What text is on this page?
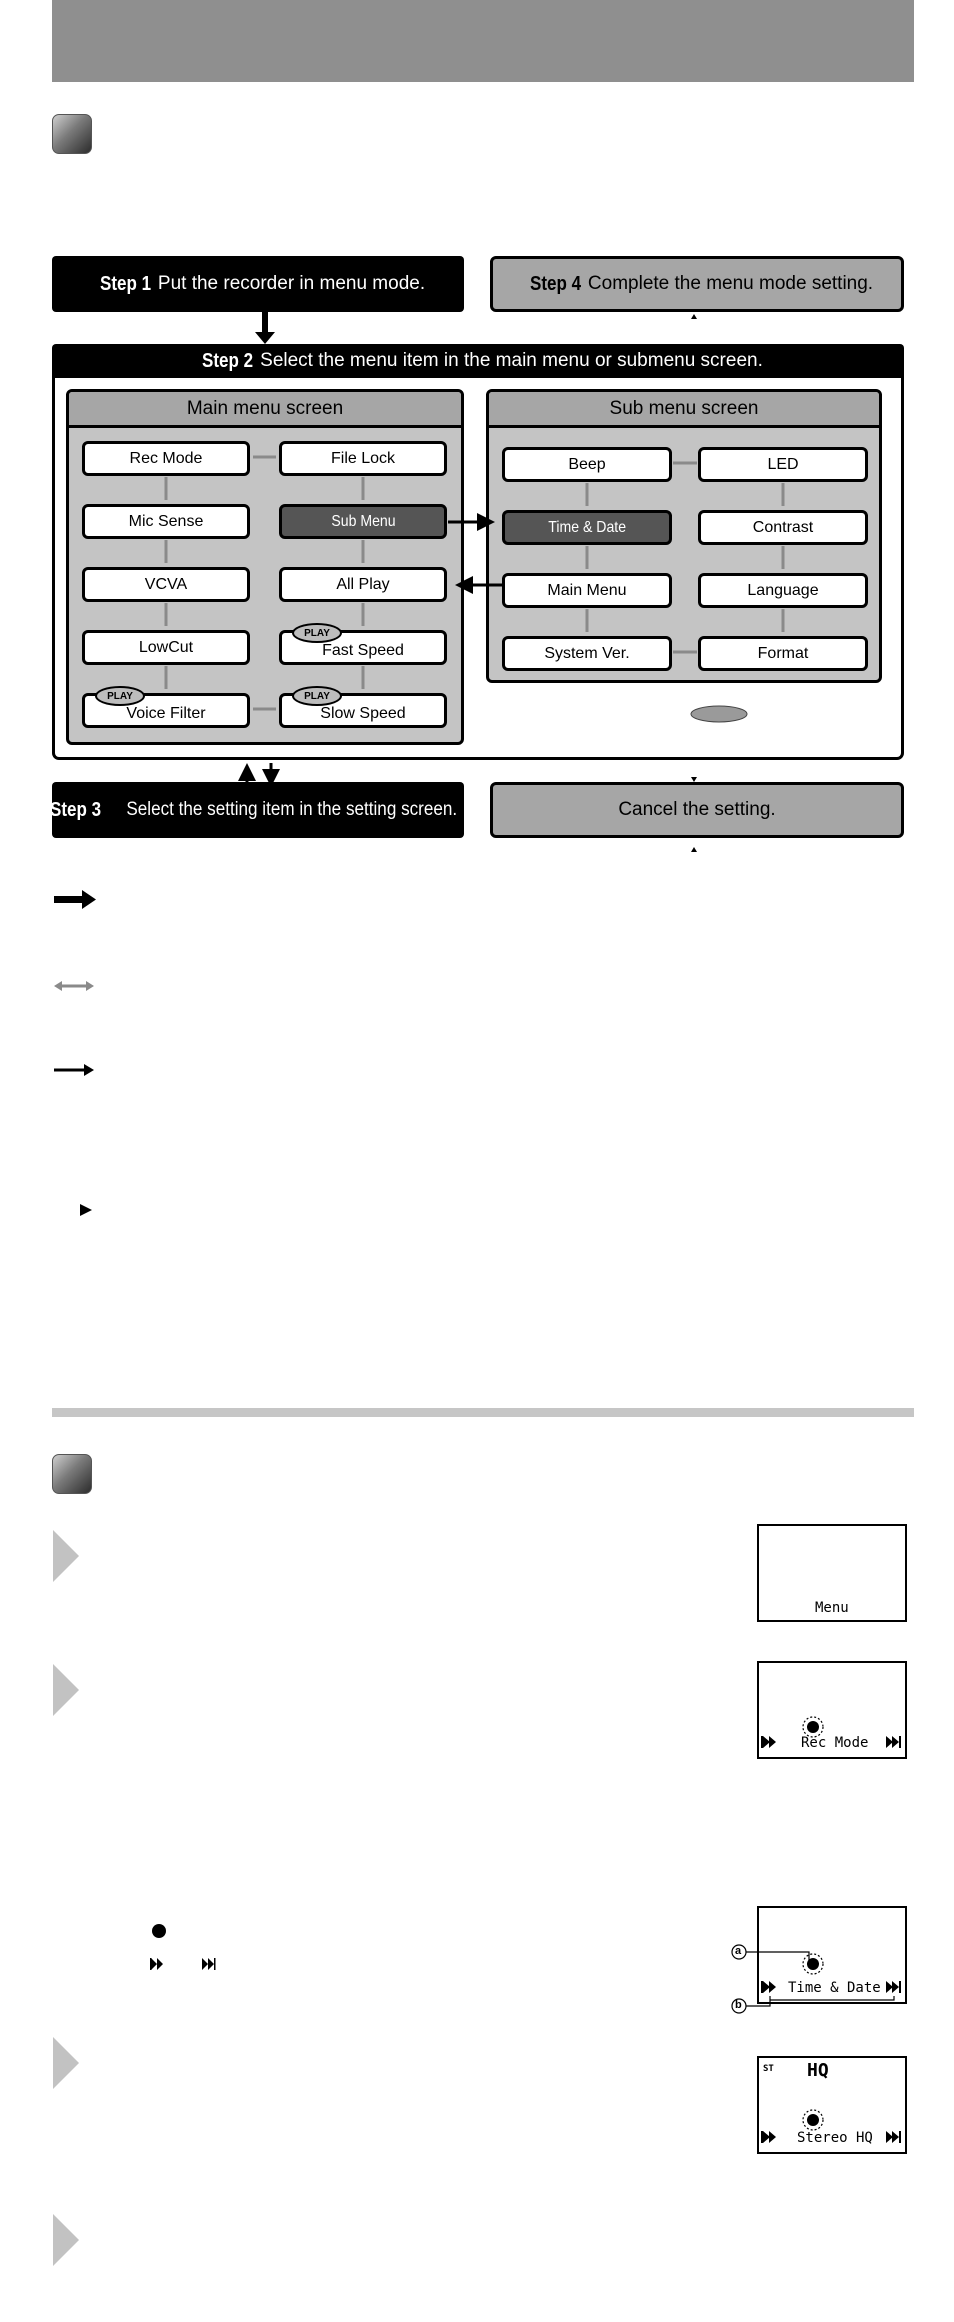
Step 1 Put the recorder in menu mode.	Step 4 Complete the menu mode setting.
Step 2 Select the menu item in the main menu or submenu screen.
Main menu screen	Sub menu screen
Rec Mode	File Lock
Mic Sense	Sub Menu
VCVA	All Play
LowCut
PLAY
Fast Speed
PLAY
Voice Filter
PLAY
Slow Speed
Beep	LED
Time & Date	Contrast
Main Menu	Language
System Ver.	Format
Step 3 Select the setting item in the setting screen.	Cancel the setting.
Menu
Rec Mode
Time & Date
a
b
ST HQ
Stereo HQ
